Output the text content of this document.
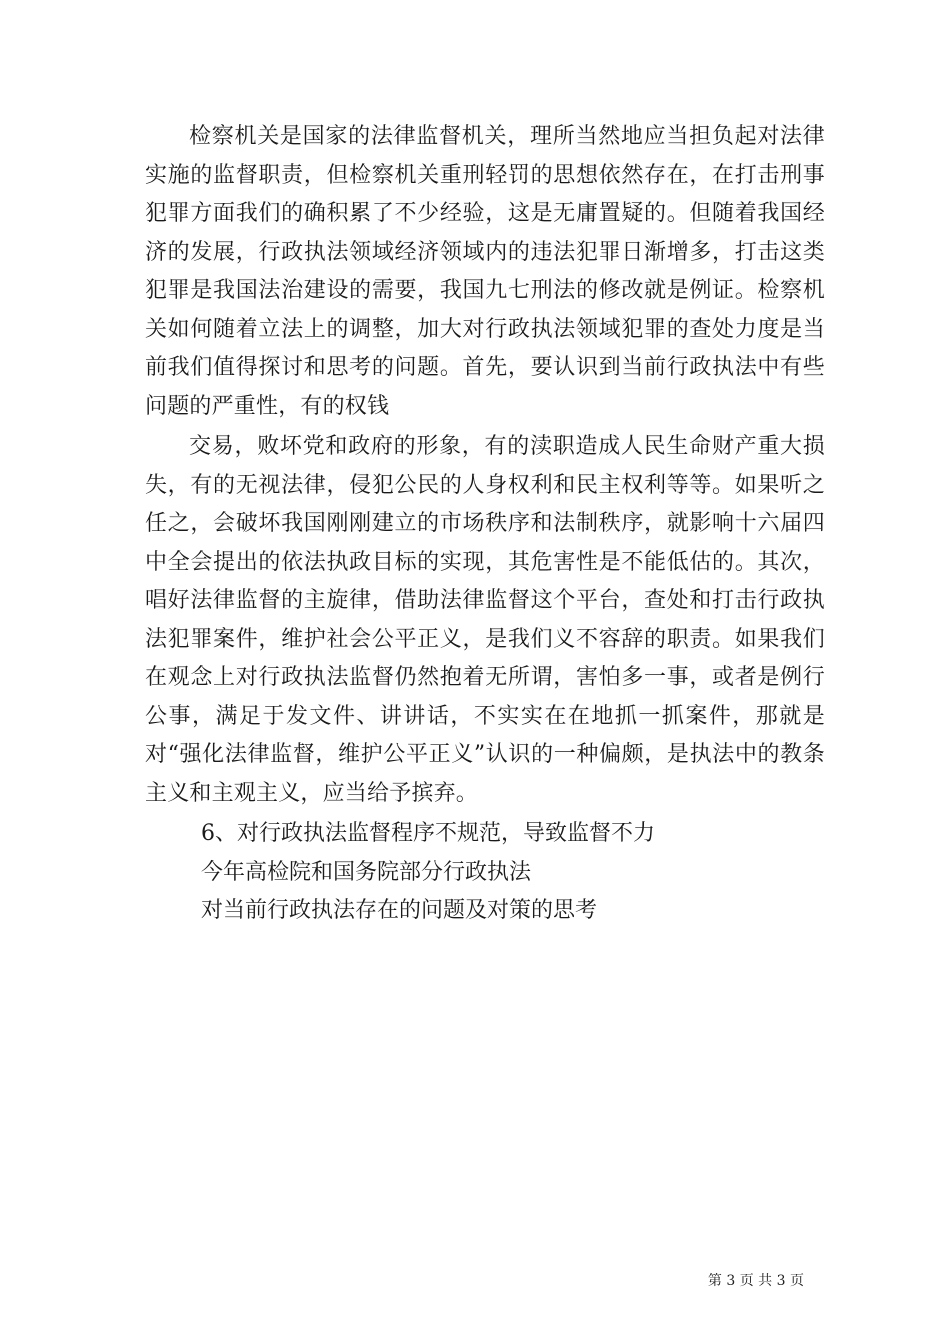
检察机关是国家的法律监督机关，理所当然地应当担负起对法律实施的监督职责，但检察机关重刑轻罚的思想依然存在，在打击刑事犯罪方面我们的确积累了不少经验，这是无庸置疑的。但随着我国经济的发展，行政执法领域经济领域内的违法犯罪日渐增多，打击这类犯罪是我国法治建设的需要，我国九七刑法的修改就是例证。检察机关如何随着立法上的调整，加大对行政执法领域犯罪的查处力度是当前我们值得探讨和思考的问题。首先，要认识到当前行政执法中有些问题的严重性，有的权钱

交易，败坏党和政府的形象，有的渎职造成人民生命财产重大损失，有的无视法律，侵犯公民的人身权利和民主权利等等。如果听之任之，会破坏我国刚刚建立的市场秩序和法制秩序，就影响十六届四中全会提出的依法执政目标的实现，其危害性是不能低估的。其次，唱好法律监督的主旋律，借助法律监督这个平台，查处和打击行政执法犯罪案件，维护社会公平正义，是我们义不容辞的职责。如果我们在观念上对行政执法监督仍然抱着无所谓，害怕多一事，或者是例行公事，满足于发文件、讲讲话，不实实在在地抓一抓案件，那就是对“强化法律监督，维护公平正义”认识的一种偏颇，是执法中的教条主义和主观主义，应当给予摈弃。

6、对行政执法监督程序不规范，导致监督不力

今年高检院和国务院部分行政执法

对当前行政执法存在的问题及对策的思考

第 3 页 共 3 页
